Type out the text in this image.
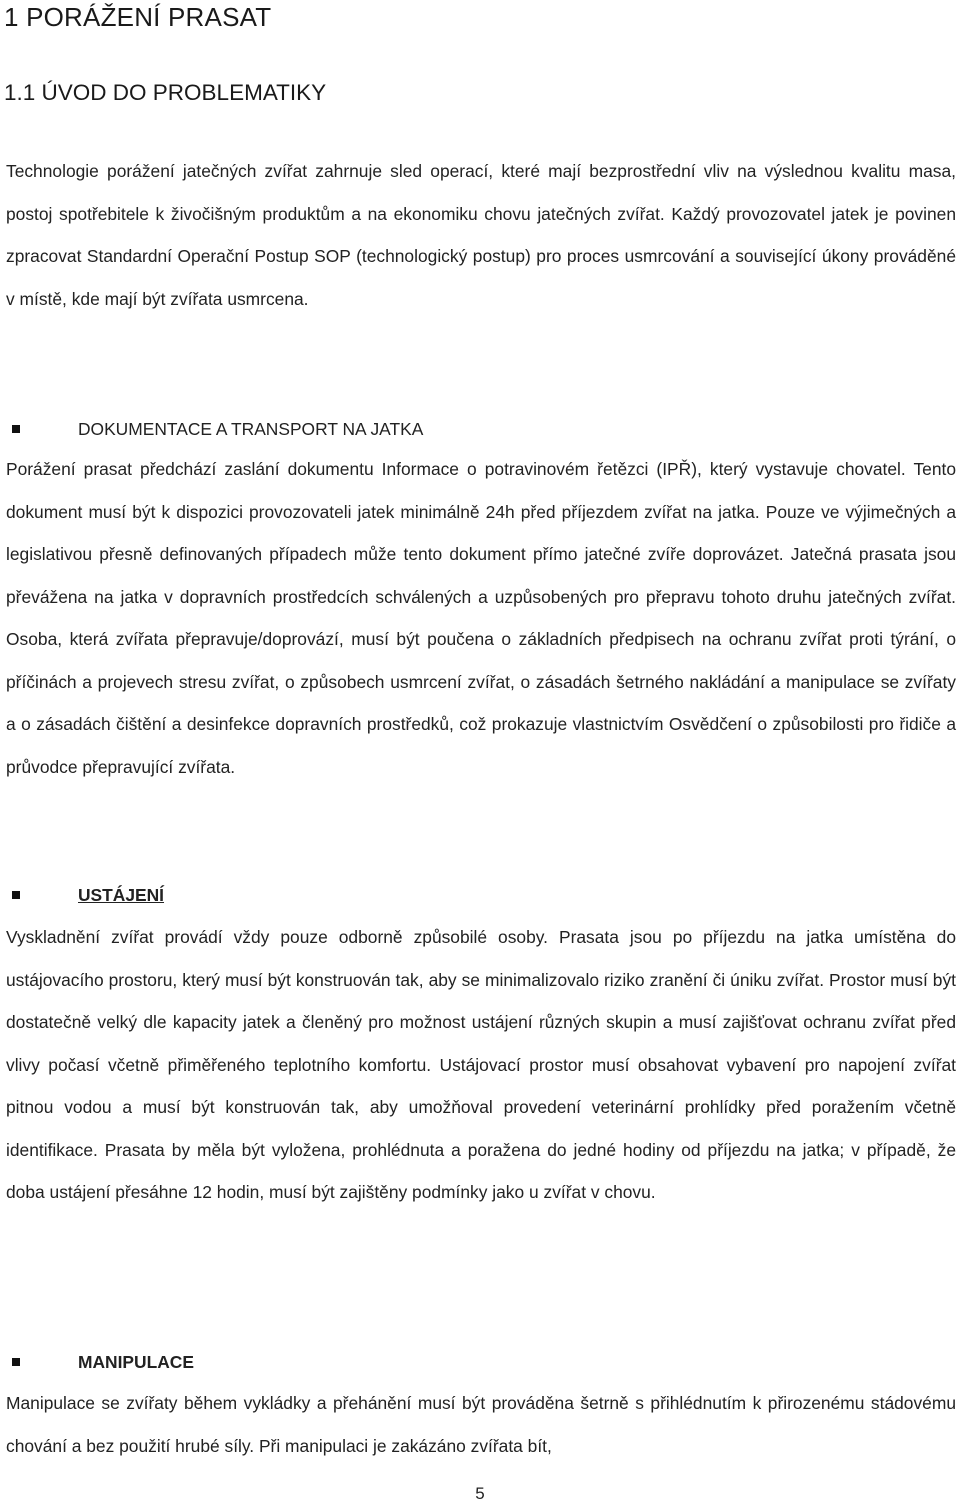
1 PORÁŽENÍ PRASAT
1.1 ÚVOD DO PROBLEMATIKY

Technologie porážení jatečných zvířat zahrnuje sled operací, které mají bezprostřední vliv na výslednou kvalitu masa, postoj spotřebitele k živočišným produktům a na ekonomiku chovu jatečných zvířat. Každý provozovatel jatek je povinen zpracovat Standardní Operační Postup SOP (technologický postup) pro proces usmrcování a související úkony prováděné v místě, kde mají být zvířata usmrcena.

DOKUMENTACE A TRANSPORT NA JATKA

Porážení prasat předchází zaslání dokumentu Informace o potravinovém řetězci (IPŘ), který vystavuje chovatel. Tento dokument musí být k dispozici provozovateli jatek minimálně 24h před příjezdem zvířat na jatka. Pouze ve výjimečných a legislativou přesně definovaných případech může tento dokument přímo jatečné zvíře doprovázet. Jatečná prasata jsou převážena na jatka v dopravních prostředcích schválených a uzpůsobených pro přepravu tohoto druhu jatečných zvířat. Osoba, která zvířata přepravuje/doprovází, musí být poučena o základních předpisech na ochranu zvířat proti týrání, o příčinách a projevech stresu zvířat, o způsobech usmrcení zvířat, o zásadách šetrného nakládání a manipulace se zvířaty a o zásadách čištění a desinfekce dopravních prostředků, což prokazuje vlastnictvím Osvědčení o způsobilosti pro řidiče a průvodce přepravující zvířata.

USTÁJENÍ

Vyskladnění zvířat provádí vždy pouze odborně způsobilé osoby. Prasata jsou po příjezdu na jatka umístěna do ustájovacího prostoru, který musí být konstruován tak, aby se minimalizovalo riziko zranění či úniku zvířat. Prostor musí být dostatečně velký dle kapacity jatek a členěný pro možnost ustájení různých skupin a musí zajišťovat ochranu zvířat před vlivy počasí včetně přiměřeného teplotního komfortu. Ustájovací prostor musí obsahovat vybavení pro napojení zvířat pitnou vodou a musí být konstruován tak, aby umožňoval provedení veterinární prohlídky před poražením včetně identifikace. Prasata by měla být vyložena, prohlédnuta a poražena do jedné hodiny od příjezdu na jatka; v případě, že doba ustájení přesáhne 12 hodin, musí být zajištěny podmínky jako u zvířat v chovu.

MANIPULACE

Manipulace se zvířaty během vykládky a přehánění musí být prováděna šetrně s přihlédnutím k přirozenému stádovému chování a bez použití hrubé síly. Při manipulaci je zakázáno zvířata bít,

5
